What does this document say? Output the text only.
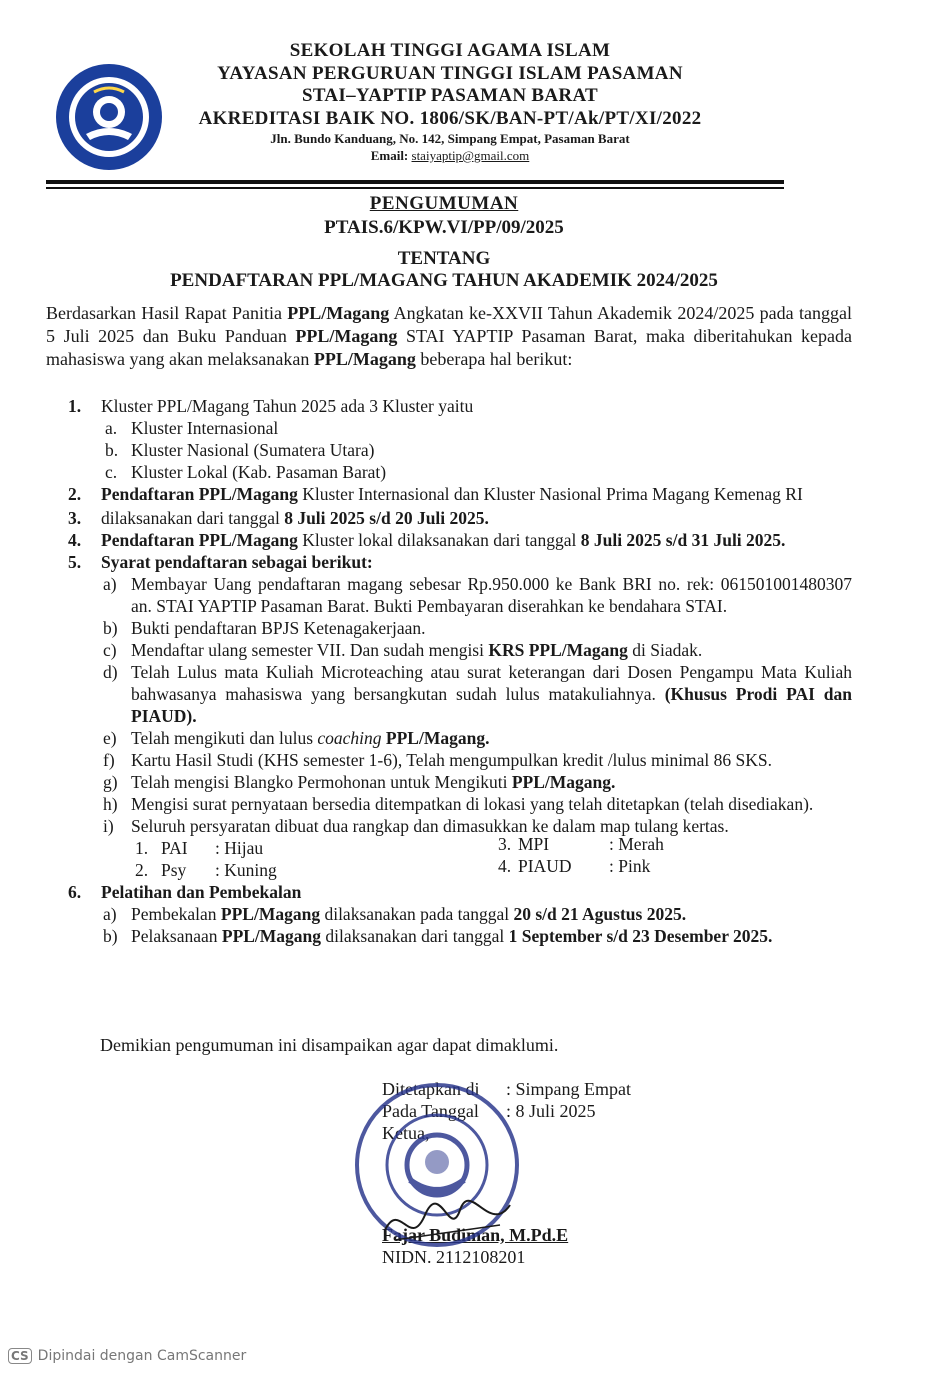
SEKOLAH TINGGI AGAMA ISLAM
YAYASAN PERGURUAN TINGGI ISLAM PASAMAN
STAI–YAPTIP PASAMAN BARAT
AKREDITASI BAIK NO. 1806/SK/BAN-PT/Ak/PT/XI/2022
Jln. Bundo Kanduang, No. 142, Simpang Empat, Pasaman Barat
Email: staiyaptip@gmail.com
PENGUMUMAN
PTAIS.6/KPW.VI/PP/09/2025
TENTANG
PENDAFTARAN PPL/MAGANG TAHUN AKADEMIK 2024/2025
Berdasarkan Hasil Rapat Panitia PPL/Magang Angkatan ke-XXVII Tahun Akademik 2024/2025 pada tanggal 5 Juli 2025 dan Buku Panduan PPL/Magang STAI YAPTIP Pasaman Barat, maka diberitahukan kepada mahasiswa yang akan melaksanakan PPL/Magang beberapa hal berikut:
1. Kluster PPL/Magang Tahun 2025 ada 3 Kluster yaitu
a. Kluster Internasional
b. Kluster Nasional (Sumatera Utara)
c. Kluster Lokal (Kab. Pasaman Barat)
2. Pendaftaran PPL/Magang Kluster Internasional dan Kluster Nasional Prima Magang Kemenag RI
3. dilaksanakan dari tanggal 8 Juli 2025 s/d 20 Juli 2025.
4. Pendaftaran PPL/Magang Kluster lokal dilaksanakan dari tanggal 8 Juli 2025 s/d 31 Juli 2025.
5. Syarat pendaftaran sebagai berikut:
a) Membayar Uang pendaftaran magang sebesar Rp.950.000 ke Bank BRI no. rek: 061501001480307 an. STAI YAPTIP Pasaman Barat. Bukti Pembayaran diserahkan ke bendahara STAI.
b) Bukti pendaftaran BPJS Ketenagakerjaan.
c) Mendaftar ulang semester VII. Dan sudah mengisi KRS PPL/Magang di Siadak.
d) Telah Lulus mata Kuliah Microteaching atau surat keterangan dari Dosen Pengampu Mata Kuliah bahwasanya mahasiswa yang bersangkutan sudah lulus matakuliahnya. (Khusus Prodi PAI dan PIAUD).
e) Telah mengikuti dan lulus coaching PPL/Magang.
f) Kartu Hasil Studi (KHS semester 1-6), Telah mengumpulkan kredit /lulus minimal 86 SKS.
g) Telah mengisi Blangko Permohonan untuk Mengikuti PPL/Magang.
h) Mengisi surat pernyataan bersedia ditempatkan di lokasi yang telah ditetapkan (telah disediakan).
i) Seluruh persyaratan dibuat dua rangkap dan dimasukkan ke dalam map tulang kertas.
1. PAI : Hijau
2. Psy : Kuning
3. MPI	: Merah
4. PIAUD : Pink
6. Pelatihan dan Pembekalan
a) Pembekalan PPL/Magang dilaksanakan pada tanggal 20 s/d 21 Agustus 2025.
b) Pelaksanaan PPL/Magang dilaksanakan dari tanggal 1 September s/d 23 Desember 2025.
Demikian pengumuman ini disampaikan agar dapat dimaklumi.
Ditetapkan di : Simpang Empat
Pada Tanggal : 8 Juli 2025
Ketua,
Fajar Budiman, M.Pd.E
NIDN. 2112108201
CS Dipindai dengan CamScanner
